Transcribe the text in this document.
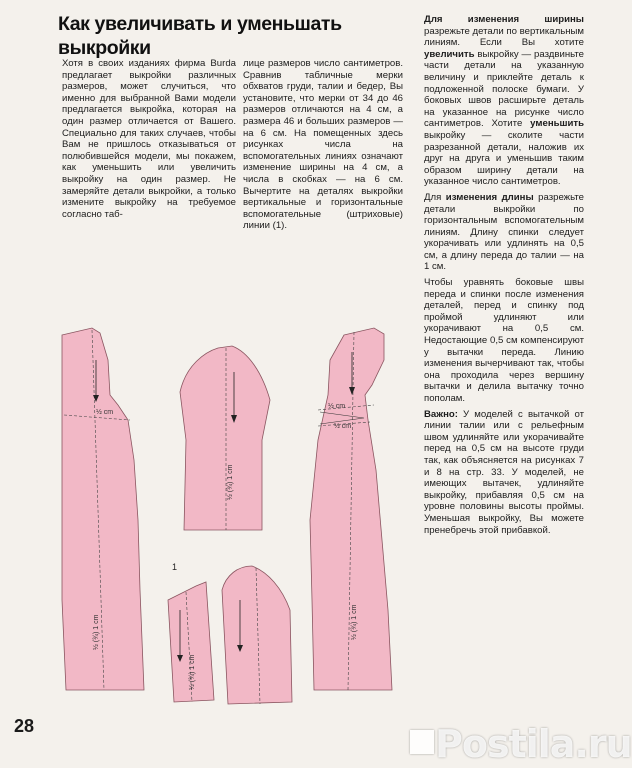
Как увеличивать и уменьшать выкройки

Хотя в своих изданиях фирма Burda предлагает выкройки различных размеров, может случиться, что именно для выбранной Вами модели предлагается выкройка, которая на один размер отличается от Вашего. Специально для таких случаев, чтобы Вам не пришлось отказываться от полюбившейся модели, мы покажем, как уменьшить или увеличить выкройку на один размер. Не замеряйте детали выкройки, а только измените выкройку на требуемое согласно таб-

лице размеров число сантиметров. Сравнив табличные мерки обхватов груди, талии и бедер, Вы установите, что мерки от 34 до 46 размеров отличаются на 4 см, а размера 46 и больших размеров — на 6 см. На помещенных здесь рисунках числа на вспомогательных линиях означают изменение ширины на 4 см, а числа в скобках — на 6 см. Вычертите на деталях выкройки вертикальные и горизонтальные вспомогательные (штриховые) линии (1).

Для изменения ширины разрежьте детали по вертикальным линиям. Если Вы хотите увеличить выкройку — раздвиньте части детали на указанную величину и приклейте деталь к подложенной полоске бумаги. У боковых швов расширьте деталь на указанное на рисунке число сантиметров. Хотите уменьшить выкройку — сколите части разрезанной детали, наложив их друг на друга и уменьшив таким образом ширину детали на указанное число сантиметров.

Для изменения длины разрежьте детали выкройки по горизонтальным вспомогательным линиям. Длину спинки следует укорачивать или удлинять на 0,5 см, а длину переда до талии — на 1 см.

Чтобы уравнять боковые швы переда и спинки после изменения деталей, перед и спинку под проймой удлиняют или укорачивают на 0,5 см. Недостающие 0,5 см компенсируют у вытачки переда. Линию изменения вычерчивают так, чтобы она проходила через вершину вытачки и делила вытачку точно пополам.

Важно: У моделей с вытачкой от линии талии или с рельефным швом удлиняйте или укорачивайте перед на 0,5 см на высоте груди так, как объясняется на рисунках 7 и 8 на стр. 33. У моделей, не имеющих вытачек, удлиняйте выкройку, прибавляя 0,5 см на уровне половины высоты проймы. Уменьшая выкройку, Вы можете пренебречь этой прибавкой.

½ cm
½ (¾) 1 cm
½ (¾) 1 cm
½ cm
½ cm
½ (¾) 1 cm
½ (¾) 1 cm
1
28	Postila.ru
